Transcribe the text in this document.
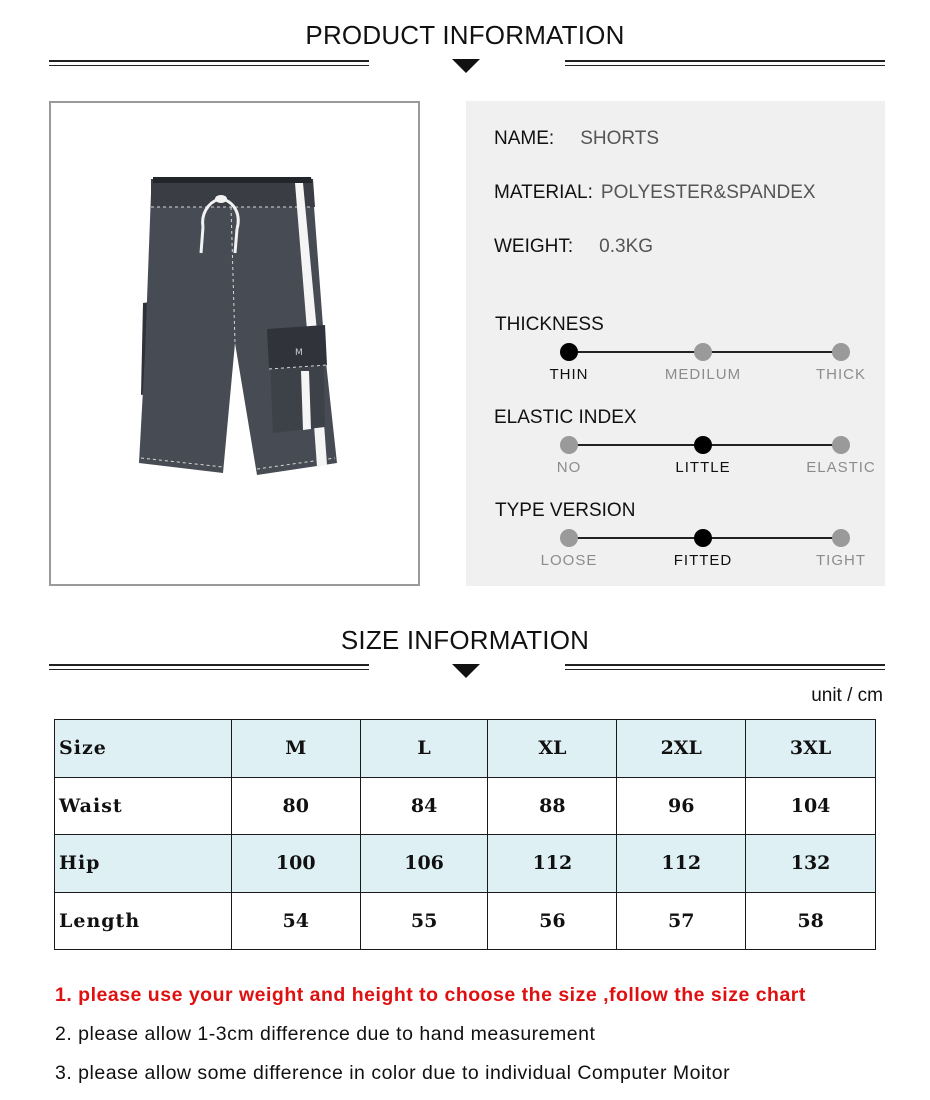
PRODUCT INFORMATION
M
NAME: SHORTS
MATERIAL: POLYESTER&SPANDEX
WEIGHT: 0.3KG
THICKNESS
THIN	MEDILUM	THICK
ELASTIC INDEX
NO	LITTLE	ELASTIC
TYPE VERSION
LOOSE	FITTED	TIGHT
SIZE INFORMATION
unit / cm
Size	M	L	XL	2XL	3XL
Waist	80	84	88	96	104
Hip	100	106	112	112	132
Length	54	55	56	57	58
1. please use your weight and height to choose the size ,follow the size chart
2. please allow 1-3cm difference due to hand measurement
3. please allow some difference in color due to individual Computer Moitor
